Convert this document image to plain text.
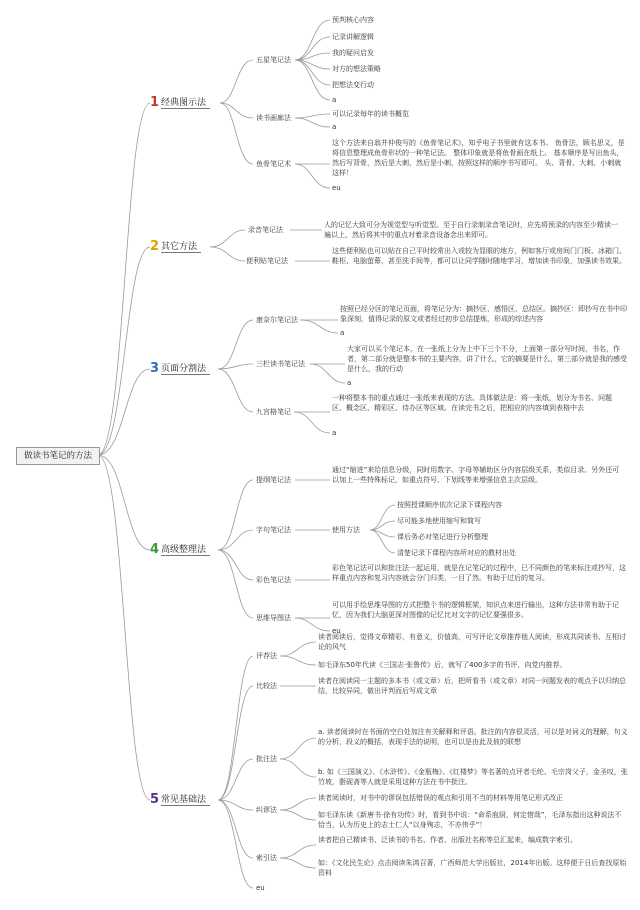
做读书笔记的方法
1 经典图示法
五星笔记法
预判核心内容
记录讲解逻辑
我的疑问启发
对方的想法策略
把想法变行动
a
读书画廊法	可以记录每年的读书概览
a
鱼骨笔记术
这个方法来自翁井仲俊写的《鱼骨笔记术》，知乎电子书里就有这本书。 鱼骨法，顾名思义，是将信息整理成鱼骨形状的一种笔记法。 整体印象就是将鱼骨画在纸上。 基本顺序是写出鱼头，然后写背骨，然后是大刺，然后是小刺，按照这样的顺序书写即可。 头、背骨、大刺、小刺就这样！
eu
2 其它方法
录音笔记法
人的记忆大致可分为视觉型与听觉型。至于自行录制录音笔记时，应先将预录的内容至少精读一遍以上，然后将其中的重点对着录音设备念出来即可。
便利贴笔记法
这些便利贴也可以贴在自己平时较常出入或较为显眼的地方，例如客厅或房间门门板、冰箱门、鞋柜、电脑萤幕，甚至洗手间等，都可以让同学随时随地学习，增加读书印象，加强读书效果。
3 页面分割法
康奈尔笔记法
按照已经分区的笔记页面，将笔记分为：摘抄区、感悟区、总结区。摘抄区：即抄写在书中印象深刻，值得记录的原文或者经过初步总结提炼，形成的综述内容
a
三栏读书笔记法
大家可以买个笔记本，在一张纸上分为上中下三个不分，上面第一部分写时间，书名，作者，第二部分就是整本书的主要内容，讲了什么，它的摘要是什么，第三部分就是我的感受是什么，我的行动
a
九宫格笔记
一种将整本书的重点通过一张纸来表现的方法。具体做法是：将一张纸，划分为书名、问题区、概念区、精彩区、待办区等区域。在读完书之后，把相应的内容填到表格中去
a
4 高级整理法
提纲笔记法
通过“缩进”来给信息分级，同时用数字、字母等辅助区分内容层级关系，类似目录。另外还可以加上一些特殊标记，如重点符号、下划线等来增强信息主次层级。
字句笔记法	使用方法
按照授课顺序依次记录下课程内容
尽可能多地使用缩写和简写
课后务必对笔记进行分析整理
清楚记录下课程内容所对应的教材出处
彩色笔记法
彩色笔记法可以和批注法一起运用，就是在记笔记的过程中，巳不同颜色的笔来标注或抄写，这样重点内容和复习内容就会分门归类，一目了然。有助于过后的复习。
思维导图法
可以用手绘思维导图的方式把整个书的逻辑框架，知识点来进行输出，这种方法非常有助于记忆，因为我们大脑更深对图像的记忆比对文字的记忆要强很多。
eu
5 常见基础法
评荐法
读者阅读后，觉得文章精彩，有意义，价值高，可写评论文章推荐他人阅读，形成共同读书、互相讨论的风气
如毛泽东50年代读《三国志·张鲁传》后，就写了400多字的书评，向党内推荐。
比较法
读者在阅读同一主题的多本书（或文章）后，把所看书（或文章）对同一问题发表的观点予以归纳总结，比较异同，做出评判而后写成文章
批注法
a. 读者阅读时在书面的空白处加注有关解释和评语。批注的内容很灵活，可以是对词义的理解，句义的分析，段义的概括，表现手法的说明，也可以是由此及彼的联想
b. 如《三国演义》、《水浒传》、《金瓶梅》、《红楼梦》等名著的点评者毛纶、毛宗岗父子，金圣叹，张竹坡，脂砚斋等人就是采用这种方法在书中批注。
纠谬法
读者阅读时，对书中的谬误包括错误的观点和引用不当的材料等用笔记形式改正
如毛泽东读《新唐书·徐有功传》时，看到书中说：“命系庖厨，何定惜哉”，毛泽东指出这种说法不恰当，认为历史上的志士仁人“以身殉志，不亦伟乎”！
索引法
读者把自己精读书、泛读书的书名、作者、出版社名称等总汇起来，编成数字索引。
如：《文化民生论》点击阅读朱鸿召著，广西师范大学出版社，2014年出版。这样便于日后查找原始资料
eu
